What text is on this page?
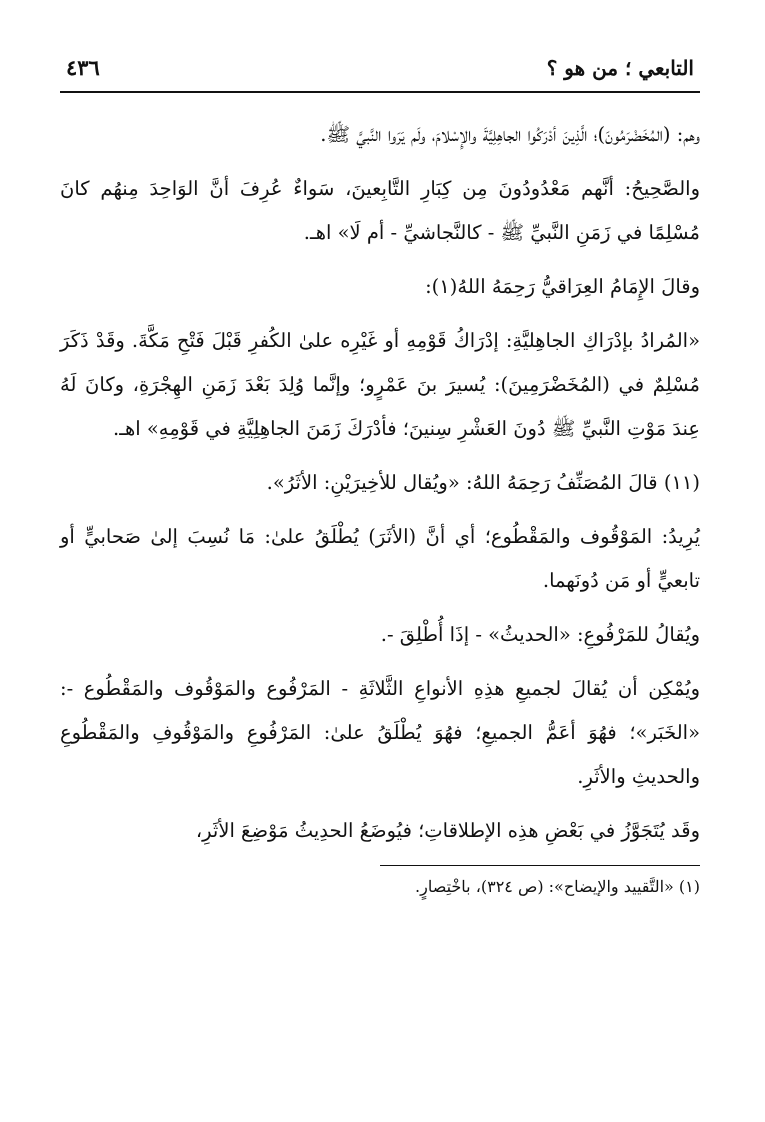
التابعي ؛ من هو ؟
٤٣٦

وهم: (المُخَضْرَمُونَ)؛ الَّذِينَ أدْرَكُوا الجاهِلِيَّةَ والإِسْلامَ، ولَم يَرَوا النَّبيَّ ﷺ.

والصَّحِيحُ: أنَّهم مَعْدُودُونَ مِن كِبَارِ التَّابِعينَ، سَواءٌ عُرِفَ أنَّ الوَاحِدَ مِنهُم كانَ مُسْلِمًا في زَمَنِ النَّبيِّ ﷺ - كالنَّجاشيِّ - أم لَا» اهـ.

وقالَ الإِمَامُ العِرَاقيُّ رَحِمَهُ اللهُ(١):

«المُرادُ بإدْرَاكِ الجاهِليَّةِ: إدْرَاكُ قَوْمِهِ أو غَيْرِه علىٰ الكُفرِ قَبْلَ فَتْحِ مَكَّةَ. وقَدْ ذَكَرَ مُسْلِمٌ في (المُخَضْرَمِينَ): يُسيرَ بنَ عَمْرٍو؛ وإنَّما وُلِدَ بَعْدَ زَمَنِ الهِجْرَةِ، وكانَ لَهُ عِندَ مَوْتِ النَّبيِّ ﷺ دُونَ العَشْرِ سِنينَ؛ فأدْرَكَ زَمَنَ الجاهِلِيَّةِ في قَوْمِهِ» اهـ.

(١١) قالَ المُصَنِّفُ رَحِمَهُ اللهُ: «ويُقال للأخِيرَيْنِ: الأثَرُ».

يُرِيدُ: المَوْقُوف والمَقْطُوع؛ أي أنَّ (الأثَرَ) يُطْلَقُ علىٰ: مَا نُسِبَ إلىٰ صَحابيٍّ أو تابعيٍّ أو مَن دُونَهما.

ويُقالُ للمَرْفُوعِ: «الحديثُ» - إذَا أُطْلِقَ -.

ويُمْكِن أن يُقالَ لجميعِ هذِهِ الأنواعِ الثَّلاثَةِ - المَرْفُوع والمَوْقُوف والمَقْطُوع -: «الخَبَر»؛ فهُوَ أعَمُّ الجميعِ؛ فهُوَ يُطْلَقُ علىٰ: المَرْفُوعِ والمَوْقُوفِ والمَقْطُوعِ والحديثِ والأثَرِ.

وقَد يُتَجَوَّزُ في بَعْضِ هذِه الإطلاقاتِ؛ فيُوضَعُ الحدِيثُ مَوْضِعَ الأثَرِ،

(١) «التَّقييد والإيضاح»: (ص ٣٢٤)، باخْتِصارٍ.
